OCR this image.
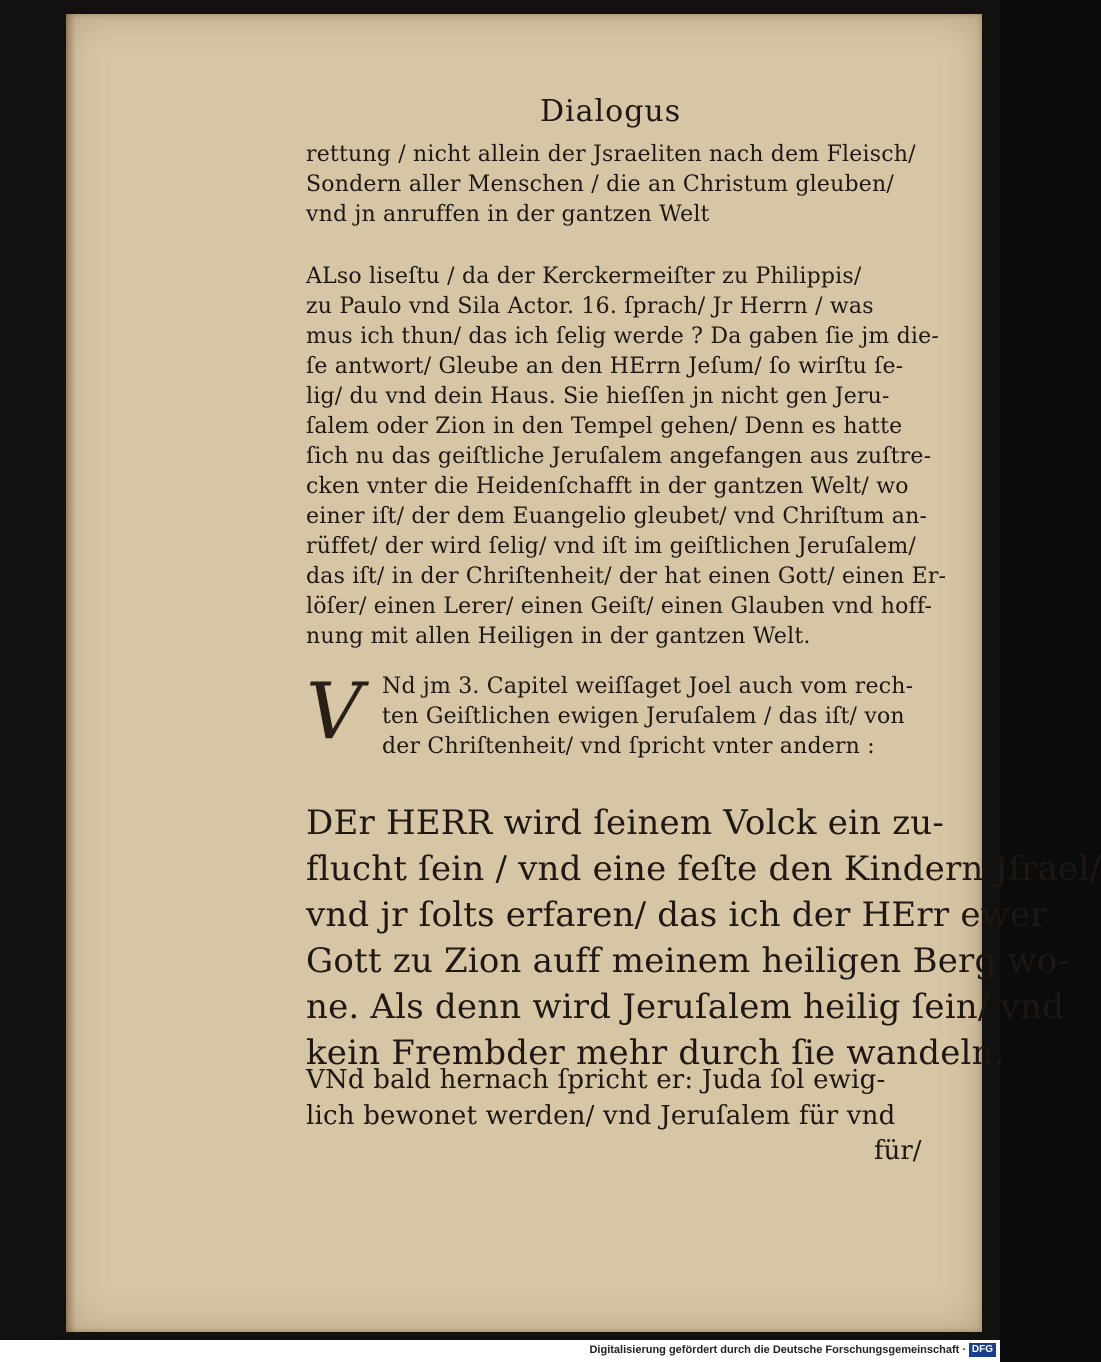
Dialogus
rettung / nicht allein der Jsraeliten nach dem Fleisch/
Sondern aller Menschen / die an Christum gleuben/
vnd jn anruffen in der gantzen Welt
ALso liseſtu / da der Kerckermeiſter zu Philippis/
zu Paulo vnd Sila Actor. 16. ſprach/ Jr Herrn / was
mus ich thun/ das ich ſelig werde ? Da gaben ſie jm die-
ſe antwort/ Gleube an den HErrn Jeſum/ ſo wirſtu ſe-
lig/ du vnd dein Haus. Sie hieſſen jn nicht gen Jeru-
ſalem oder Zion in den Tempel gehen/ Denn es hatte
ſich nu das geiſtliche Jeruſalem angefangen aus zuſtre-
cken vnter die Heidenſchafft in der gantzen Welt/ wo
einer iſt/ der dem Euangelio gleubet/ vnd Chriſtum an-
rüffet/ der wird ſelig/ vnd iſt im geiſtlichen Jeruſalem/
das iſt/ in der Chriſtenheit/ der hat einen Gott/ einen Er-
löſer/ einen Lerer/ einen Geiſt/ einen Glauben vnd hoff-
nung mit allen Heiligen in der gantzen Welt.
V Nd jm 3. Capitel weiſſaget Joel auch vom rech-
ten Geiſtlichen ewigen Jeruſalem / das iſt/ von
der Chriſtenheit/ vnd ſpricht vnter andern :
DEr HERR wird ſeinem Volck ein zu-
flucht ſein / vnd eine feſte den Kindern Jſrael/
vnd jr ſolts erfaren/ das ich der HErr ewer
Gott zu Zion auff meinem heiligen Berg wo-
ne. Als denn wird Jeruſalem heilig ſein/ vnd
kein Frembder mehr durch ſie wandeln.
VNd bald hernach ſpricht er: Juda ſol ewig-
lich bewonet werden/ vnd Jeruſalem für vnd
für/
Digitalisierung gefördert durch die Deutsche Forschungsgemeinschaft · DFG
